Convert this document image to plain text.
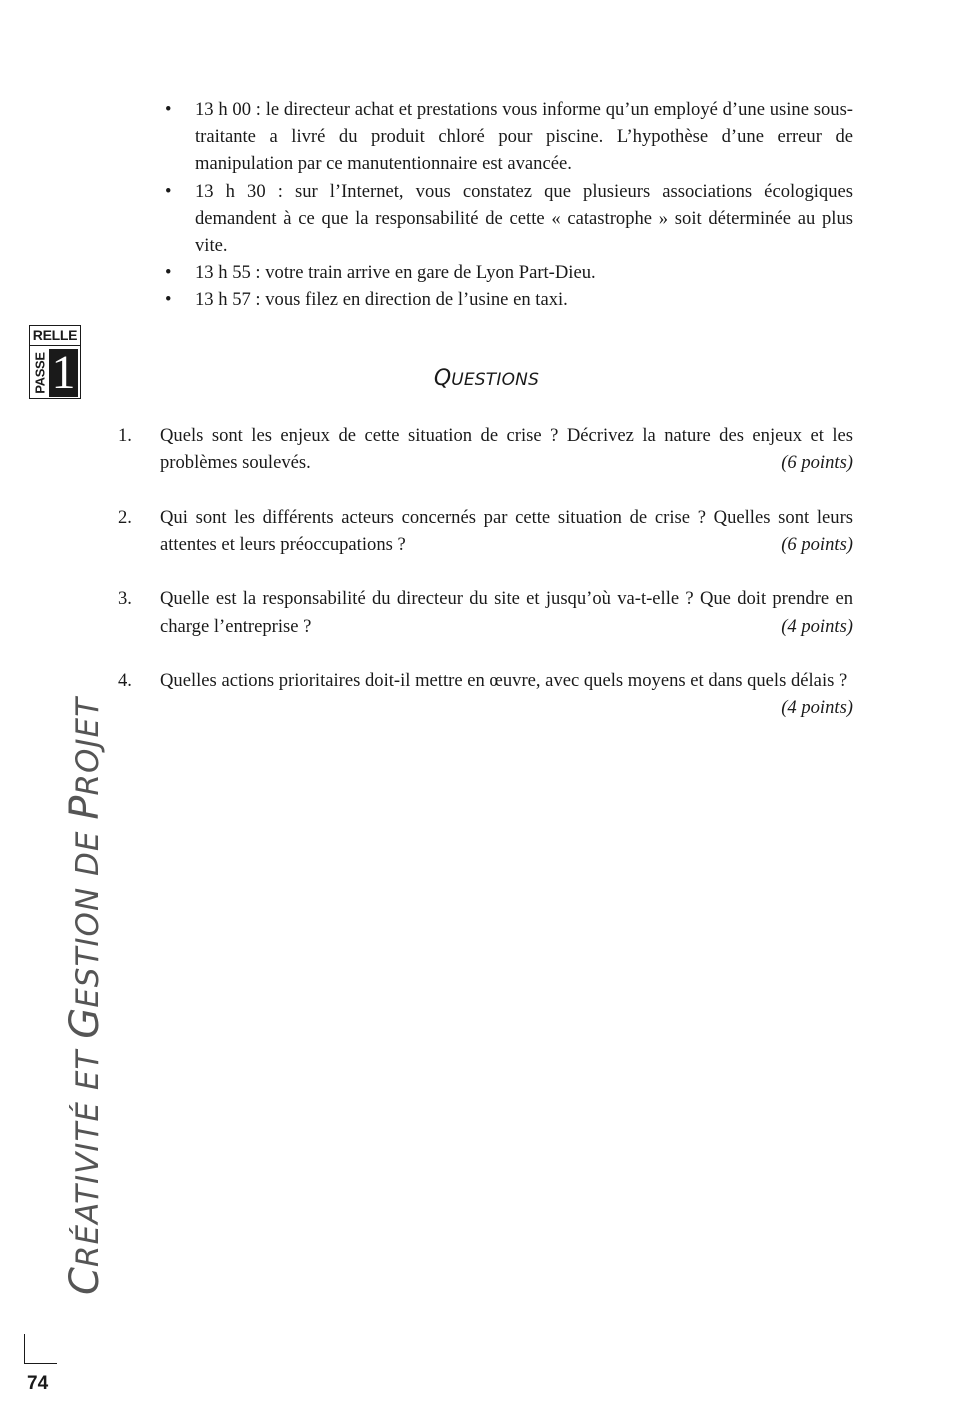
• 13 h 00 : le directeur achat et prestations vous informe qu’un employé d’une usine sous-traitante a livré du produit chloré pour piscine. L’hypothèse d’une erreur de manipulation par ce manutentionnaire est avancée.
• 13 h 30 : sur l’Internet, vous constatez que plusieurs associations écologiques demandent à ce que la responsabilité de cette « catastrophe » soit déterminée au plus vite.
• 13 h 55 : votre train arrive en gare de Lyon Part-Dieu.
• 13 h 57 : vous filez en direction de l’usine en taxi.
RELLE
PASSE 1	QUESTIONS
1. Quels sont les enjeux de cette situation de crise ? Décrivez la nature des enjeux et les problèmes soulevés.	(6 points)
2. Qui sont les différents acteurs concernés par cette situation de crise ? Quelles sont leurs attentes et leurs préoccupations ?	(6 points)
3. Quelle est la responsabilité du directeur du site et jusqu’où va-t-elle ? Que doit prendre en charge l’entreprise ?	(4 points)
4. Quelles actions prioritaires doit-il mettre en œuvre, avec quels moyens et dans quels délais ?
(4 points)
CRÉATIVITÉ ET GESTION DE PROJET
74
